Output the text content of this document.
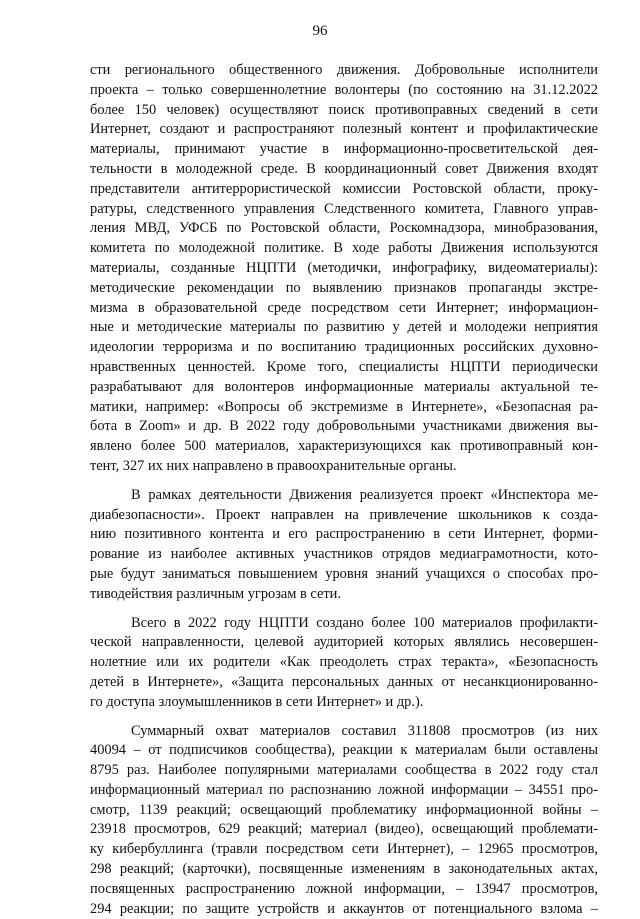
96
сти регионального общественного движения. Добровольные исполнители
проекта – только совершеннолетние волонтеры (по состоянию на 31.12.2022
более 150 человек) осуществляют поиск противоправных сведений в сети
Интернет, создают и распространяют полезный контент и профилактические
материалы, принимают участие в информационно-просветительской дея-
тельности в молодежной среде. В координационный совет Движения входят
представители антитеррористической комиссии Ростовской области, проку-
ратуры, следственного управления Следственного комитета, Главного управ-
ления МВД, УФСБ по Ростовской области, Роскомнадзора, минобразования,
комитета по молодежной политике. В ходе работы Движения используются
материалы, созданные НЦПТИ (методички, инфографику, видеоматериалы):
методические рекомендации по выявлению признаков пропаганды экстре-
мизма в образовательной среде посредством сети Интернет; информацион-
ные и методические материалы по развитию у детей и молодежи неприятия
идеологии терроризма и по воспитанию традиционных российских духовно-
нравственных ценностей. Кроме того, специалисты НЦПТИ периодически
разрабатывают для волонтеров информационные материалы актуальной те-
матики, например: «Вопросы об экстремизме в Интернете», «Безопасная ра-
бота в Zoom» и др. В 2022 году добровольными участниками движения вы-
явлено более 500 материалов, характеризующихся как противоправный кон-
тент, 327 их них направлено в правоохранительные органы.
В рамках деятельности Движения реализуется проект «Инспектора ме-
диабезопасности». Проект направлен на привлечение школьников к созда-
нию позитивного контента и его распространению в сети Интернет, форми-
рование из наиболее активных участников отрядов медиаграмотности, кото-
рые будут заниматься повышением уровня знаний учащихся о способах про-
тиводействия различным угрозам в сети.
Всего в 2022 году НЦПТИ создано более 100 материалов профилакти-
ческой направленности, целевой аудиторией которых являлись несовершен-
нолетние или их родители «Как преодолеть страх теракта», «Безопасность
детей в Интернете», «Защита персональных данных от несанкционированно-
го доступа злоумышленников в сети Интернет» и др.).
Суммарный охват материалов составил 311808 просмотров (из них
40094 – от подписчиков сообщества), реакции к материалам были оставлены
8795 раз. Наиболее популярными материалами сообщества в 2022 году стал
информационный материал по распознанию ложной информации – 34551 про-
смотр, 1139 реакций; освещающий проблематику информационной войны –
23918 просмотров, 629 реакций; материал (видео), освещающий проблемати-
ку кибербуллинга (травли посредством сети Интернет), – 12965 просмотров,
298 реакций; (карточки), посвященные изменениям в законодательных актах,
посвященных распространению ложной информации, – 13947 просмотров,
294 реакции; по защите устройств и аккаунтов от потенциального взлома –
